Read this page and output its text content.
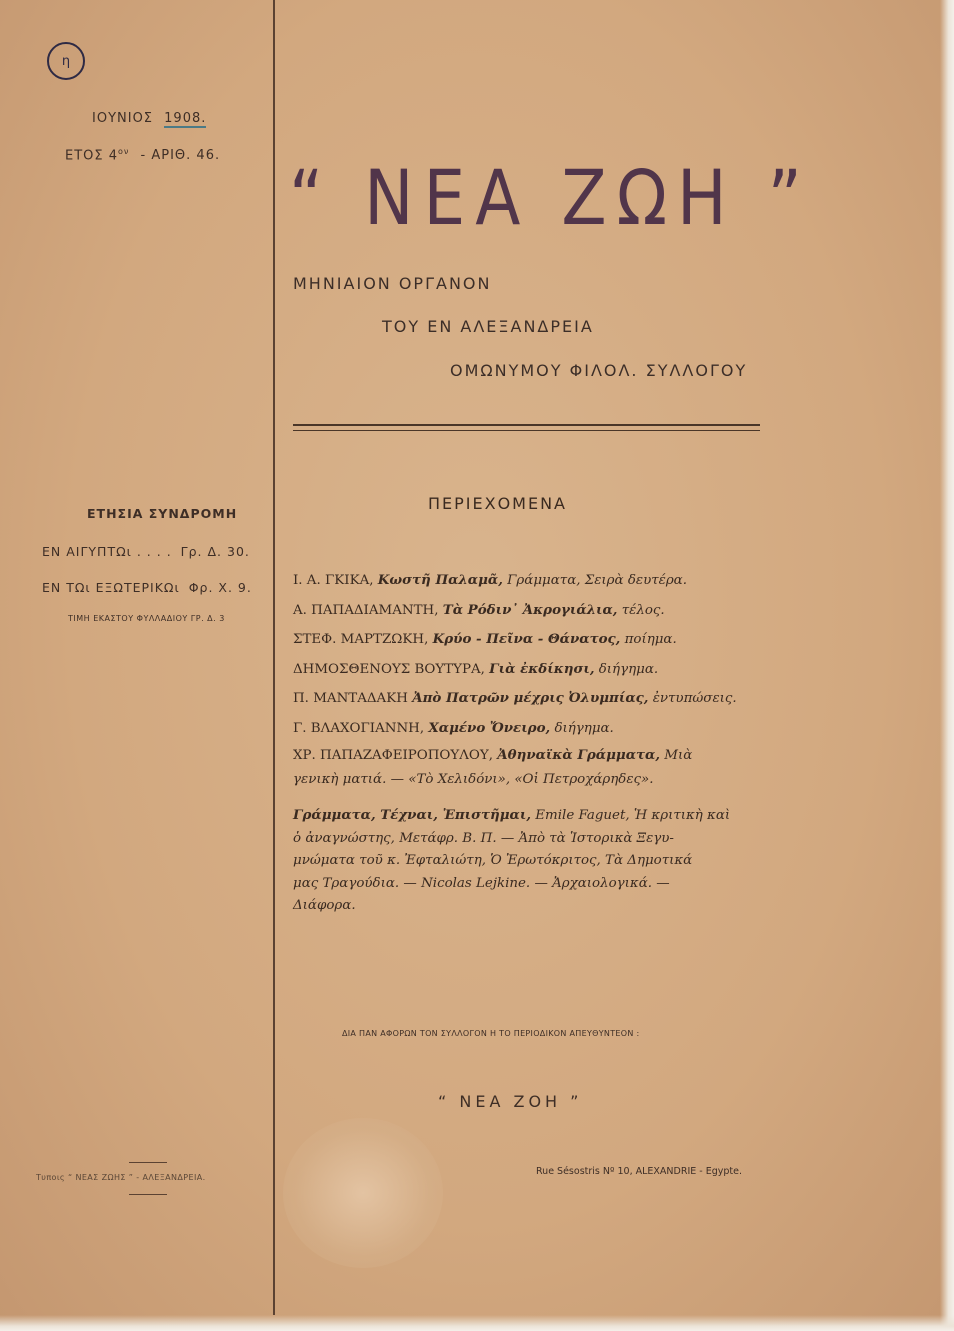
η
ΙΟΥΝΙΟΣ 1908.
ΕΤΟΣ $4^{o\nu}$ - ΑΡΙΘ. 46. “ ΝΕΑ ΖΩΗ ”
ΜΗΝΙΑΙΟΝ ΟΡΓΑΝΟΝ
ΤΟΥ ΕΝ ΑΛΕΞΑΝΔΡΕΙΑ
ΟΜΩΝΥΜΟΥ ΦΙΛΟΛ. ΣΥΛΛΟΓΟΥ
ΕΤΗΣΙΑ ΣΥΝΔΡΟΜΗ
ΕΝ ΑΙΓΥΠΤΩι . . . . Γρ. Δ. 30.
ΕΝ ΤΩι ΕΞΩΤΕΡΙΚΩι Φρ. Χ. 9.
ΤΙΜΗ ΕΚΑΣΤΟΥ ΦΥΛΛΑΔΙΟΥ ΓΡ. Δ. 3
ΠΕΡΙΕΧΟΜΕΝΑ
Ι. Α. ΓΚΙΚΑ, Κωστῆ Παλαμᾶ, Γράμματα, Σειρὰ δευτέρα.
Α. ΠΑΠΑΔΙΑΜΑΝΤΗ, Τὰ Ρόδιν᾽ Ἀκρογιάλια, τέλος.
ΣΤΕΦ. ΜΑΡΤΖΩΚΗ, Κρύο - Πεῖνα - Θάνατος, ποίημα.
ΔΗΜΟΣΘΕΝΟΥΣ ΒΟΥΤΥΡΑ, Γιὰ ἐκδίκησι, διήγημα.
Π. ΜΑΝΤΑΔΑΚΗ Ἀπὸ Πατρῶν μέχρις Ὀλυμπίας, ἐντυπώσεις.
Γ. ΒΛΑΧΟΓΙΑΝΝΗ, Χαμένο Ὄνειρο, διήγημα.
ΧΡ. ΠΑΠΑΖΑΦΕΙΡΟΠΟΥΛΟΥ, Ἀθηναϊκὰ Γράμματα, Μιὰ
γενικὴ ματιά. — «Τὸ Χελιδόνι», «Οἱ Πετροχάρηδες».
Γράμματα, Τέχναι, Ἐπιστῆμαι, Emile Faguet, Ἡ κριτικὴ καὶ
ὁ ἀναγνώστης, Μετάφρ. Β. Π. — Ἀπὸ τὰ Ἱστορικὰ Ξεγυ-
μνώματα τοῦ κ. Ἐφταλιώτη, Ὁ Ἐρωτόκριτος, Τὰ Δημοτικά
μας Τραγούδια. — Nicolas Lejkine. — Ἀρχαιολογικά. —
Διάφορα.
ΔΙΑ ΠΑΝ ΑΦΟΡΩΝ ΤΟΝ ΣΥΛΛΟΓΟΝ Η ΤΟ ΠΕΡΙΟΔΙΚΟΝ ΑΠΕΥΘΥΝΤΕΟΝ :
“ ΝΕΑ ΖΟΗ ”
Rue Sésostris Nº 10, ALEXANDRIE - Egypte.
Τυποις “ ΝΕΑΣ ΖΩΗΣ ” - ΑΛΕΞΑΝΔΡΕΙΑ.
